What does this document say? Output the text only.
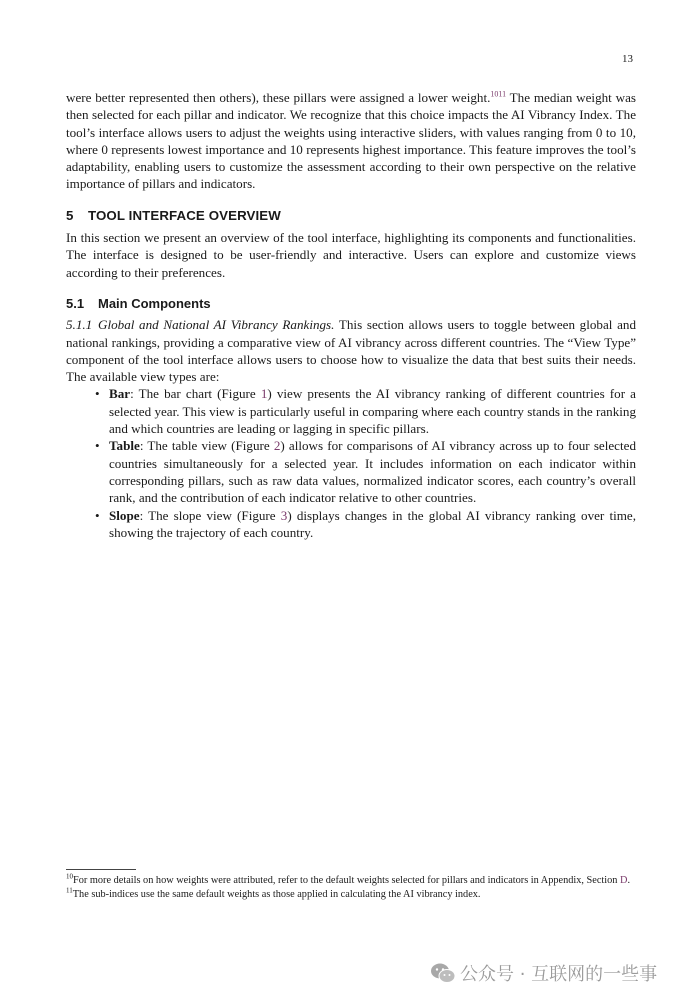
13

were better represented then others), these pillars were assigned a lower weight.$^{1011}$ The median weight was then selected for each pillar and indicator. We recognize that this choice impacts the AI Vibrancy Index. The tool’s interface allows users to adjust the weights using interactive sliders, with values ranging from 0 to 10, where 0 represents lowest importance and 10 represents highest importance. This feature improves the tool’s adaptability, enabling users to customize the assessment according to their own perspective on the relative importance of pillars and indicators.

5 TOOL INTERFACE OVERVIEW

In this section we present an overview of the tool interface, highlighting its components and functionalities. The interface is designed to be user-friendly and interactive. Users can explore and customize views according to their preferences.

5.1 Main Components

5.1.1 Global and National AI Vibrancy Rankings. This section allows users to toggle between global and national rankings, providing a comparative view of AI vibrancy across different countries. The “View Type” component of the tool interface allows users to choose how to visualize the data that best suits their needs. The available view types are:

• Bar: The bar chart (Figure 1) view presents the AI vibrancy ranking of different countries for a selected year. This view is particularly useful in comparing where each country stands in the ranking and which countries are leading or lagging in specific pillars.
• Table: The table view (Figure 2) allows for comparisons of AI vibrancy across up to four selected countries simultaneously for a selected year. It includes information on each indicator within corresponding pillars, such as raw data values, normalized indicator scores, each country’s overall rank, and the contribution of each indicator relative to other countries.
• Slope: The slope view (Figure 3) displays changes in the global AI vibrancy ranking over time, showing the trajectory of each country.
$^{10}$For more details on how weights were attributed, refer to the default weights selected for pillars and indicators in Appendix, Section D.
$^{11}$The sub-indices use the same default weights as those applied in calculating the AI vibrancy index.
公众号 · 互联网的一些事
